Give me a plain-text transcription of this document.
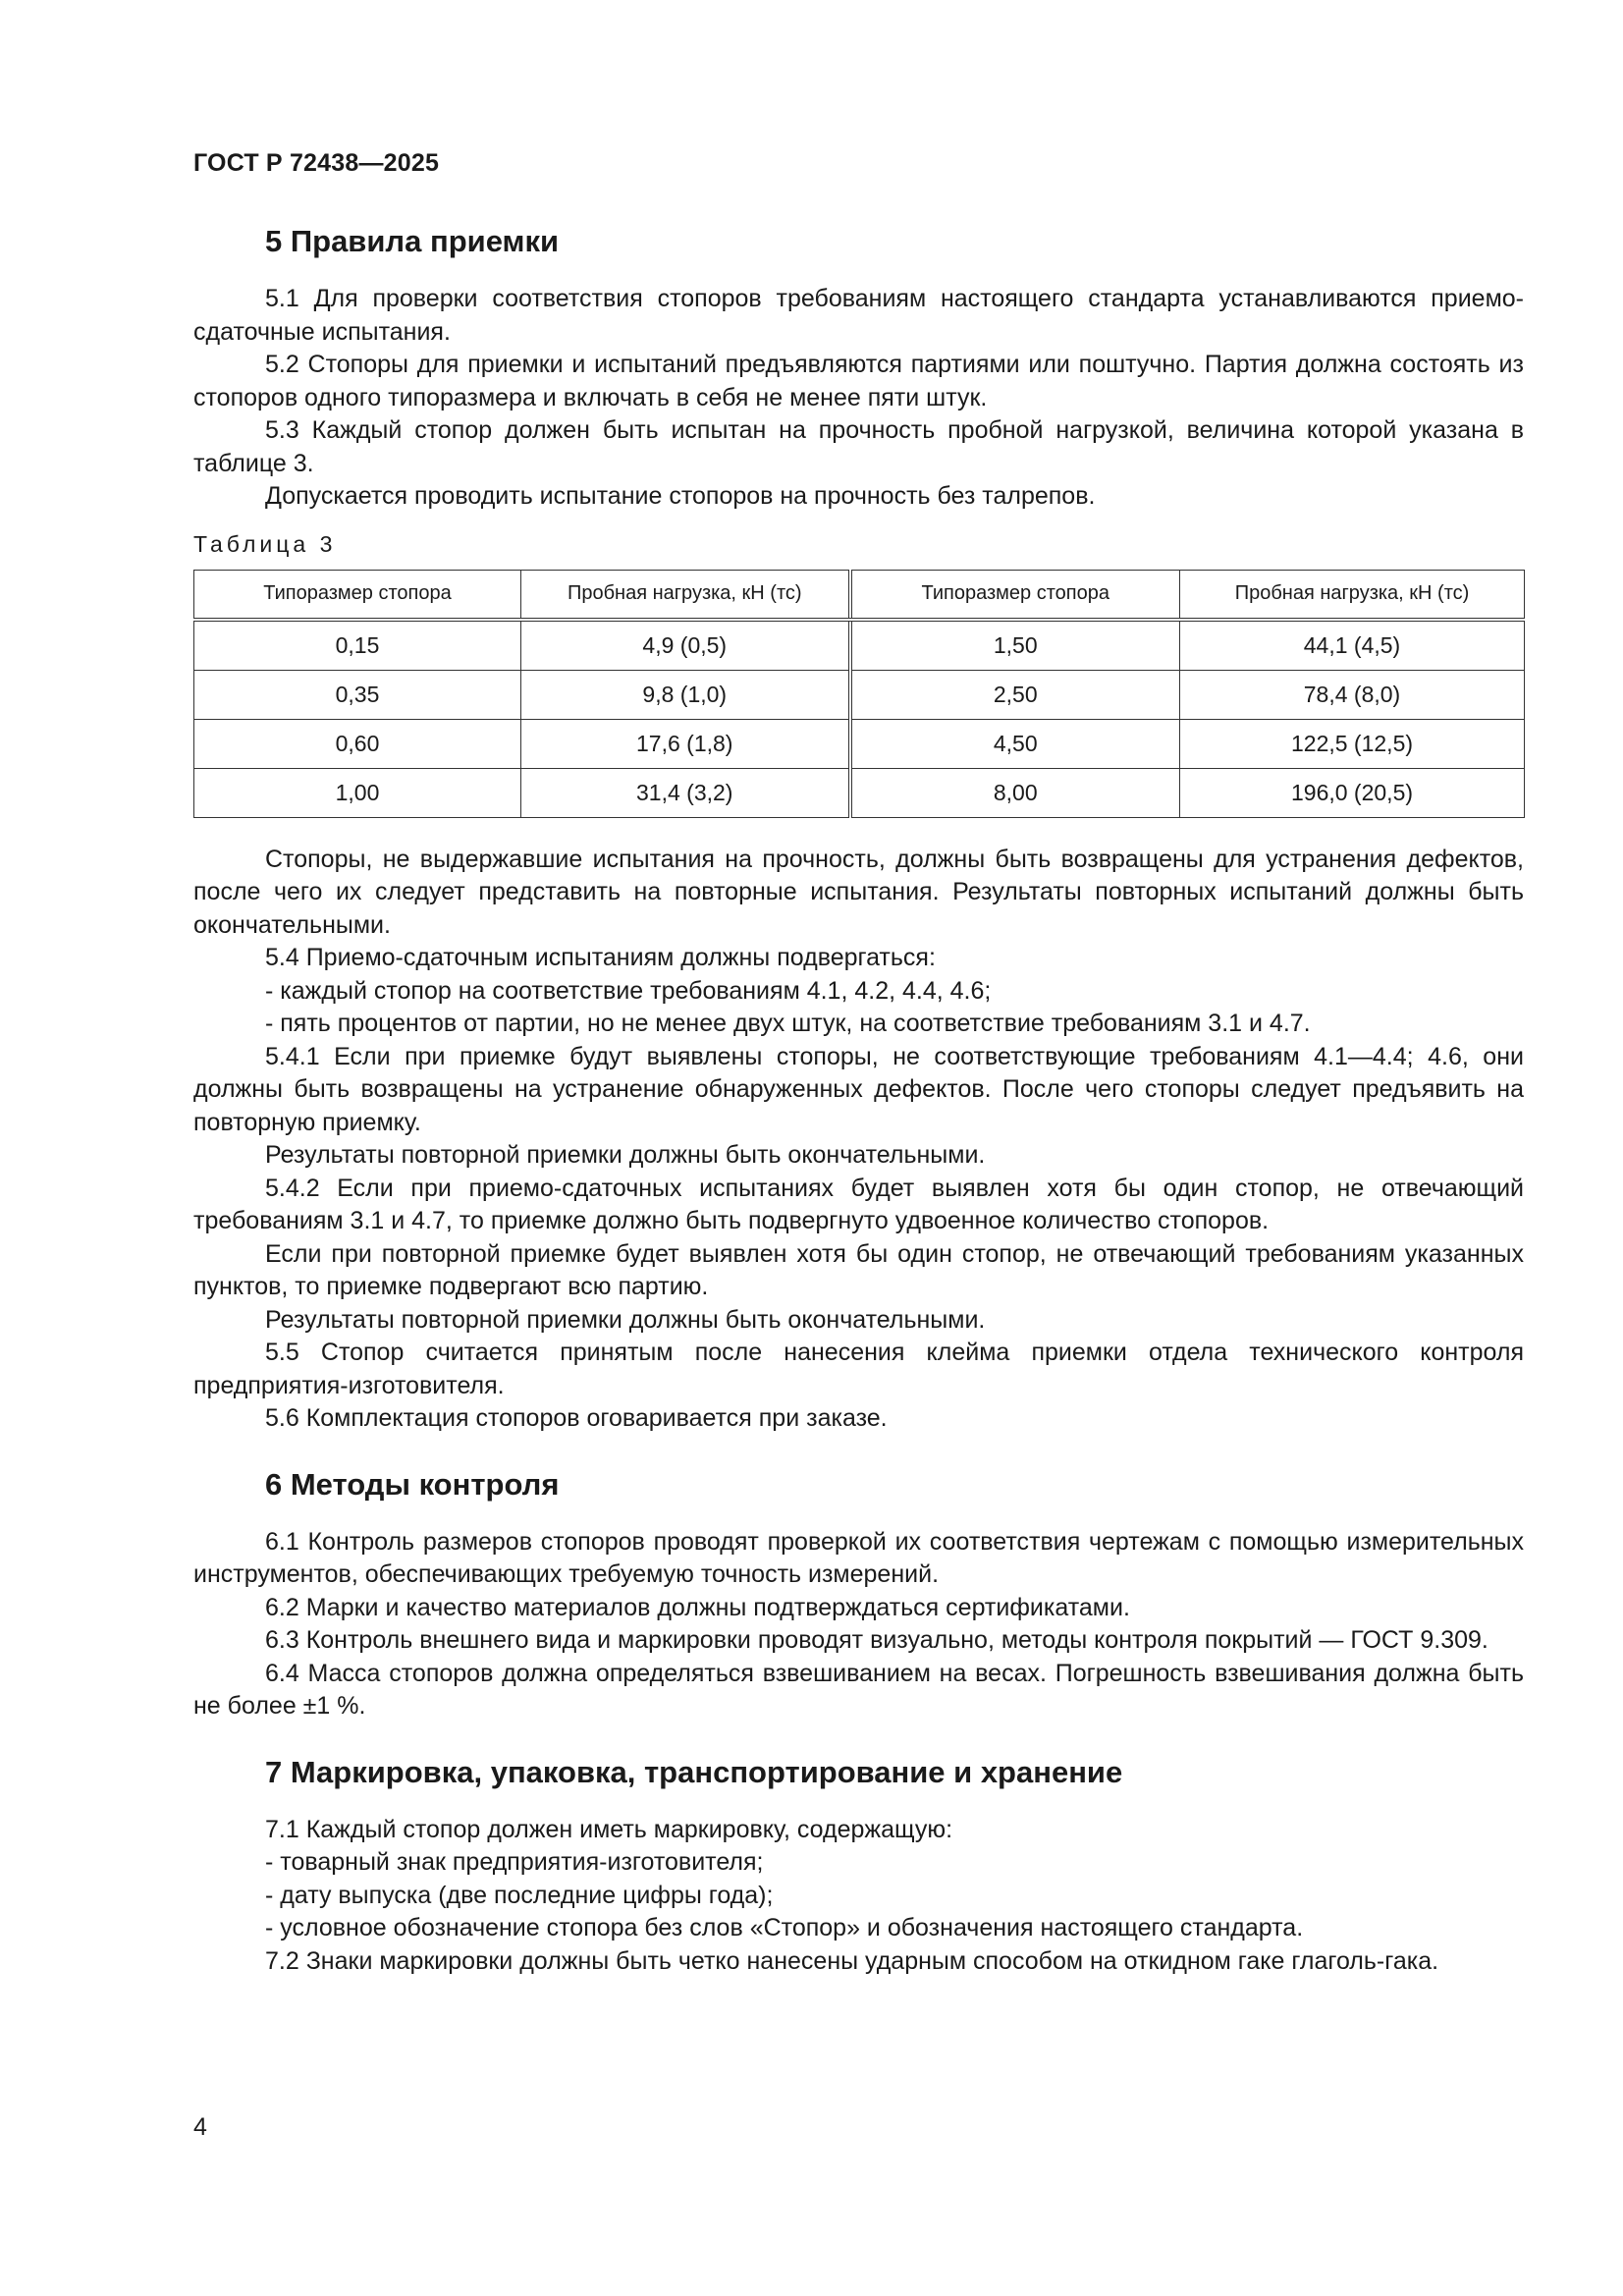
ГОСТ Р 72438—2025
5 Правила приемки

5.1 Для проверки соответствия стопоров требованиям настоящего стандарта устанавливаются приемо-сдаточные испытания.

5.2 Стопоры для приемки и испытаний предъявляются партиями или поштучно. Партия должна состоять из стопоров одного типоразмера и включать в себя не менее пяти штук.

5.3 Каждый стопор должен быть испытан на прочность пробной нагрузкой, величина которой указана в таблице 3.

Допускается проводить испытание стопоров на прочность без талрепов.

Таблица 3
Типоразмер стопора	Пробная нагрузка, кН (тс)	Типоразмер стопора	Пробная нагрузка, кН (тс)
0,15	4,9 (0,5)	1,50	44,1 (4,5)
0,35	9,8 (1,0)	2,50	78,4 (8,0)
0,60	17,6 (1,8)	4,50	122,5 (12,5)
1,00	31,4 (3,2)	8,00	196,0 (20,5)

Стопоры, не выдержавшие испытания на прочность, должны быть возвращены для устранения дефектов, после чего их следует представить на повторные испытания. Результаты повторных испытаний должны быть окончательными.

5.4 Приемо-сдаточным испытаниям должны подвергаться:

- каждый стопор на соответствие требованиям 4.1, 4.2, 4.4, 4.6;

- пять процентов от партии, но не менее двух штук, на соответствие требованиям 3.1 и 4.7.

5.4.1 Если при приемке будут выявлены стопоры, не соответствующие требованиям 4.1—4.4; 4.6, они должны быть возвращены на устранение обнаруженных дефектов. После чего стопоры следует предъявить на повторную приемку.

Результаты повторной приемки должны быть окончательными.

5.4.2 Если при приемо-сдаточных испытаниях будет выявлен хотя бы один стопор, не отвечающий требованиям 3.1 и 4.7, то приемке должно быть подвергнуто удвоенное количество стопоров.

Если при повторной приемке будет выявлен хотя бы один стопор, не отвечающий требованиям указанных пунктов, то приемке подвергают всю партию.

Результаты повторной приемки должны быть окончательными.

5.5 Стопор считается принятым после нанесения клейма приемки отдела технического контроля предприятия-изготовителя.

5.6 Комплектация стопоров оговаривается при заказе.

6 Методы контроля

6.1 Контроль размеров стопоров проводят проверкой их соответствия чертежам с помощью измерительных инструментов, обеспечивающих требуемую точность измерений.

6.2 Марки и качество материалов должны подтверждаться сертификатами.

6.3 Контроль внешнего вида и маркировки проводят визуально, методы контроля покрытий — ГОСТ 9.309.

6.4 Масса стопоров должна определяться взвешиванием на весах. Погрешность взвешивания должна быть не более ±1 %.

7 Маркировка, упаковка, транспортирование и хранение

7.1 Каждый стопор должен иметь маркировку, содержащую:

- товарный знак предприятия-изготовителя;

- дату выпуска (две последние цифры года);

- условное обозначение стопора без слов «Стопор» и обозначения настоящего стандарта.

7.2 Знаки маркировки должны быть четко нанесены ударным способом на откидном гаке глаголь-гака.

4
